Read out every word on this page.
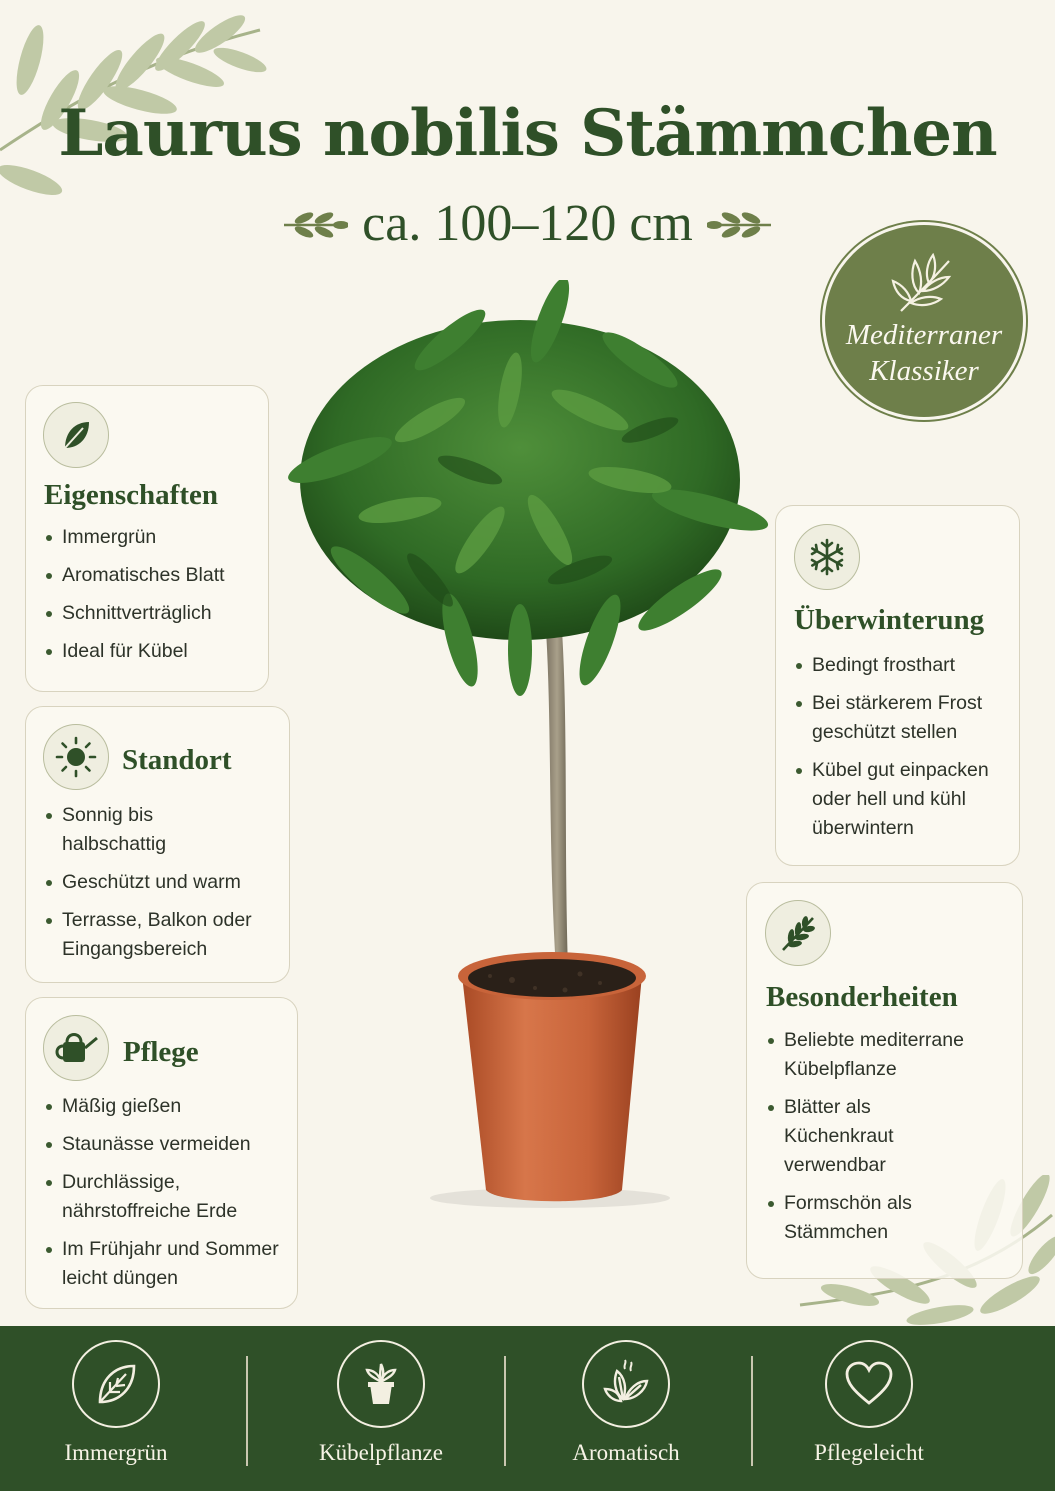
Laurus nobilis Stämmchen
ca. 100–120 cm
Mediterraner Klassiker
Eigenschaften
Immergrün
Aromatisches Blatt
Schnittverträglich
Ideal für Kübel
Standort
Sonnig bis halbschattig
Geschützt und warm
Terrasse, Balkon oder Eingangsbereich
Pflege
Mäßig gießen
Staunässe vermeiden
Durchlässige, nährstoffreiche Erde
Im Frühjahr und Sommer leicht düngen
Überwinterung
Bedingt frosthart
Bei stärkerem Frost geschützt stellen
Kübel gut einpacken oder hell und kühl überwintern
Besonderheiten
Beliebte mediterrane Kübelpflanze
Blätter als Küchenkraut verwendbar
Formschön als Stämmchen
Immergrün	Kübelpflanze	Aromatisch	Pflegeleicht
